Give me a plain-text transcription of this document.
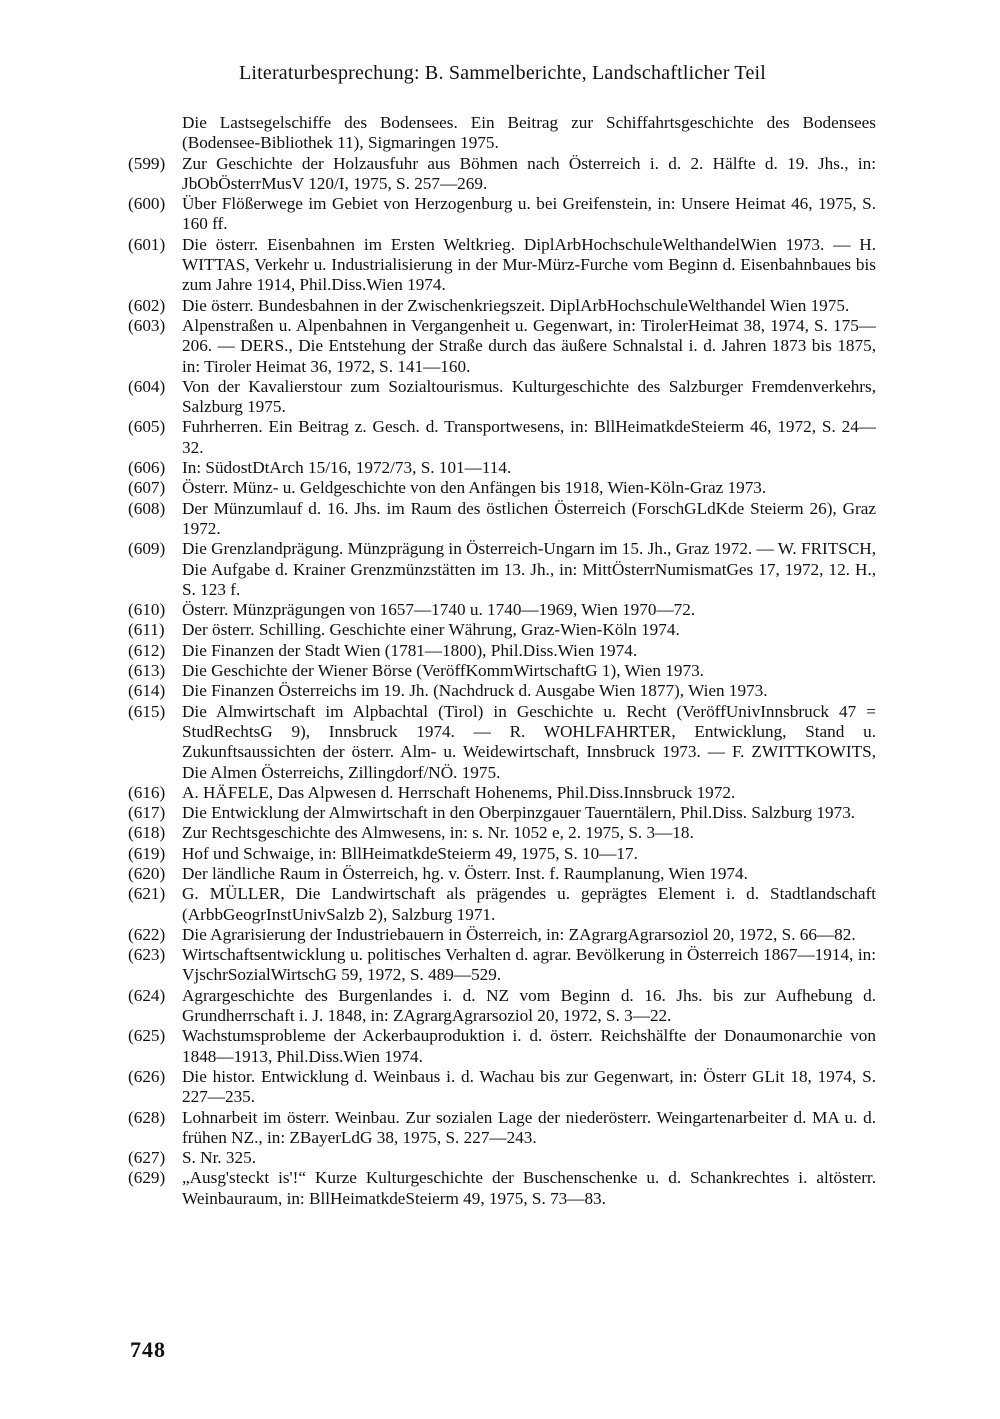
Literaturbesprechung: B. Sammelberichte, Landschaftlicher Teil
Die Lastsegelschiffe des Bodensees. Ein Beitrag zur Schiffahrtsgeschichte des Bodensees (Bodensee-Bibliothek 11), Sigmaringen 1975.
(599) Zur Geschichte der Holzausfuhr aus Böhmen nach Österreich i. d. 2. Hälfte d. 19. Jhs., in: JbObÖsterrMusV 120/I, 1975, S. 257—269.
(600) Über Flößerwege im Gebiet von Herzogenburg u. bei Greifenstein, in: Unsere Heimat 46, 1975, S. 160 ff.
(601) Die österr. Eisenbahnen im Ersten Weltkrieg. DiplArbHochschuleWelthandelWien 1973. — H. WITTAS, Verkehr u. Industrialisierung in der Mur-Mürz-Furche vom Beginn d. Eisenbahnbaues bis zum Jahre 1914, Phil.Diss.Wien 1974.
(602) Die österr. Bundesbahnen in der Zwischenkriegszeit. DiplArbHochschuleWelthandel Wien 1975.
(603) Alpenstraßen u. Alpenbahnen in Vergangenheit u. Gegenwart, in: TirolerHeimat 38, 1974, S. 175—206. — DERS., Die Entstehung der Straße durch das äußere Schnalstal i. d. Jahren 1873 bis 1875, in: Tiroler Heimat 36, 1972, S. 141—160.
(604) Von der Kavalierstour zum Sozialtourismus. Kulturgeschichte des Salzburger Fremdenverkehrs, Salzburg 1975.
(605) Fuhrherren. Ein Beitrag z. Gesch. d. Transportwesens, in: BllHeimatkdeSteierm 46, 1972, S. 24—32.
(606) In: SüdostDtArch 15/16, 1972/73, S. 101—114.
(607) Österr. Münz- u. Geldgeschichte von den Anfängen bis 1918, Wien-Köln-Graz 1973.
(608) Der Münzumlauf d. 16. Jhs. im Raum des östlichen Österreich (ForschGLdKde Steierm 26), Graz 1972.
(609) Die Grenzlandprägung. Münzprägung in Österreich-Ungarn im 15. Jh., Graz 1972. — W. FRITSCH, Die Aufgabe d. Krainer Grenzmünzstätten im 13. Jh., in: MittÖsterrNumismatGes 17, 1972, 12. H., S. 123 f.
(610) Österr. Münzprägungen von 1657—1740 u. 1740—1969, Wien 1970—72.
(611)	Der österr. Schilling. Geschichte einer Währung, Graz-Wien-Köln 1974.
(612) Die Finanzen der Stadt Wien (1781—1800), Phil.Diss.Wien 1974.
(613) Die Geschichte der Wiener Börse (VeröffKommWirtschaftG 1), Wien 1973.
(614) Die Finanzen Österreichs im 19. Jh. (Nachdruck d. Ausgabe Wien 1877), Wien 1973.
(615) Die Almwirtschaft im Alpbachtal (Tirol) in Geschichte u. Recht (VeröffUnivInnsbruck 47 = StudRechtsG 9), Innsbruck 1974. — R. WOHLFAHRTER, Entwicklung, Stand u. Zukunftsaussichten der österr. Alm- u. Weidewirtschaft, Innsbruck 1973. — F. ZWITTKOWITS, Die Almen Österreichs, Zillingdorf/NÖ. 1975.
(616) A. HÄFELE, Das Alpwesen d. Herrschaft Hohenems, Phil.Diss.Innsbruck 1972.
(617) Die Entwicklung der Almwirtschaft in den Oberpinzgauer Tauerntälern, Phil.Diss. Salzburg 1973.
(618) Zur Rechtsgeschichte des Almwesens, in: s. Nr. 1052 e, 2. 1975, S. 3—18.
(619) Hof und Schwaige, in: BllHeimatkdeSteierm 49, 1975, S. 10—17.
(620) Der ländliche Raum in Österreich, hg. v. Österr. Inst. f. Raumplanung, Wien 1974.
(621) G. MÜLLER, Die Landwirtschaft als prägendes u. geprägtes Element i. d. Stadtlandschaft (ArbbGeogrInstUnivSalzb 2), Salzburg 1971.
(622) Die Agrarisierung der Industriebauern in Österreich, in: ZAgrargAgrarsoziol 20, 1972, S. 66—82.
(623) Wirtschaftsentwicklung u. politisches Verhalten d. agrar. Bevölkerung in Österreich 1867—1914, in: VjschrSozialWirtschG 59, 1972, S. 489—529.
(624) Agrargeschichte des Burgenlandes i. d. NZ vom Beginn d. 16. Jhs. bis zur Aufhebung d. Grundherrschaft i. J. 1848, in: ZAgrargAgrarsoziol 20, 1972, S. 3—22.
(625) Wachstumsprobleme der Ackerbauproduktion i. d. österr. Reichshälfte der Donaumonarchie von 1848—1913, Phil.Diss.Wien 1974.
(626) Die histor. Entwicklung d. Weinbaus i. d. Wachau bis zur Gegenwart, in: Österr GLit 18, 1974, S. 227—235.
(628) Lohnarbeit im österr. Weinbau. Zur sozialen Lage der niederösterr. Weingartenarbeiter d. MA u. d. frühen NZ., in: ZBayerLdG 38, 1975, S. 227—243.
(627) S. Nr. 325.
(629) „Ausg'steckt is'!“ Kurze Kulturgeschichte der Buschenschenke u. d. Schankrechtes i. altösterr. Weinbauraum, in: BllHeimatkdeSteierm 49, 1975, S. 73—83.
748
